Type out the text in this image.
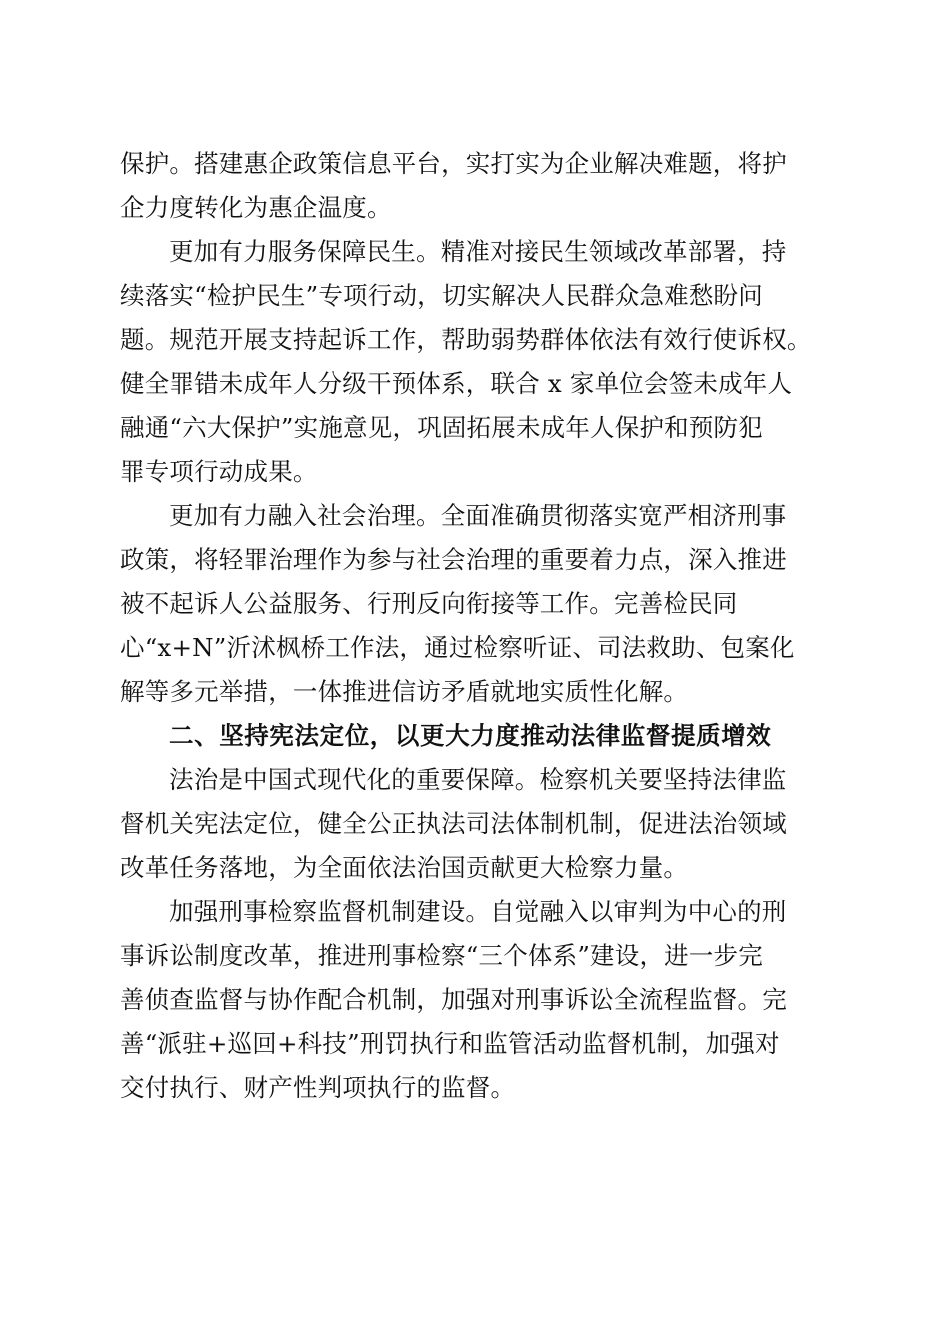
保护。搭建惠企政策信息平台，实打实为企业解决难题，将护
企力度转化为惠企温度。
更加有力服务保障民生。精准对接民生领域改革部署，持
续落实“检护民生”专项行动，切实解决人民群众急难愁盼问
题。规范开展支持起诉工作，帮助弱势群体依法有效行使诉权。
健全罪错未成年人分级干预体系，联合 x 家单位会签未成年人
融通“六大保护”实施意见，巩固拓展未成年人保护和预防犯
罪专项行动成果。
更加有力融入社会治理。全面准确贯彻落实宽严相济刑事
政策，将轻罪治理作为参与社会治理的重要着力点，深入推进
被不起诉人公益服务、行刑反向衔接等工作。完善检民同
心“x+N”沂沭枫桥工作法，通过检察听证、司法救助、包案化
解等多元举措，一体推进信访矛盾就地实质性化解。
二、坚持宪法定位，以更大力度推动法律监督提质增效
法治是中国式现代化的重要保障。检察机关要坚持法律监
督机关宪法定位，健全公正执法司法体制机制，促进法治领域
改革任务落地，为全面依法治国贡献更大检察力量。
加强刑事检察监督机制建设。自觉融入以审判为中心的刑
事诉讼制度改革，推进刑事检察“三个体系”建设，进一步完
善侦查监督与协作配合机制，加强对刑事诉讼全流程监督。完
善“派驻+巡回+科技”刑罚执行和监管活动监督机制，加强对
交付执行、财产性判项执行的监督。
